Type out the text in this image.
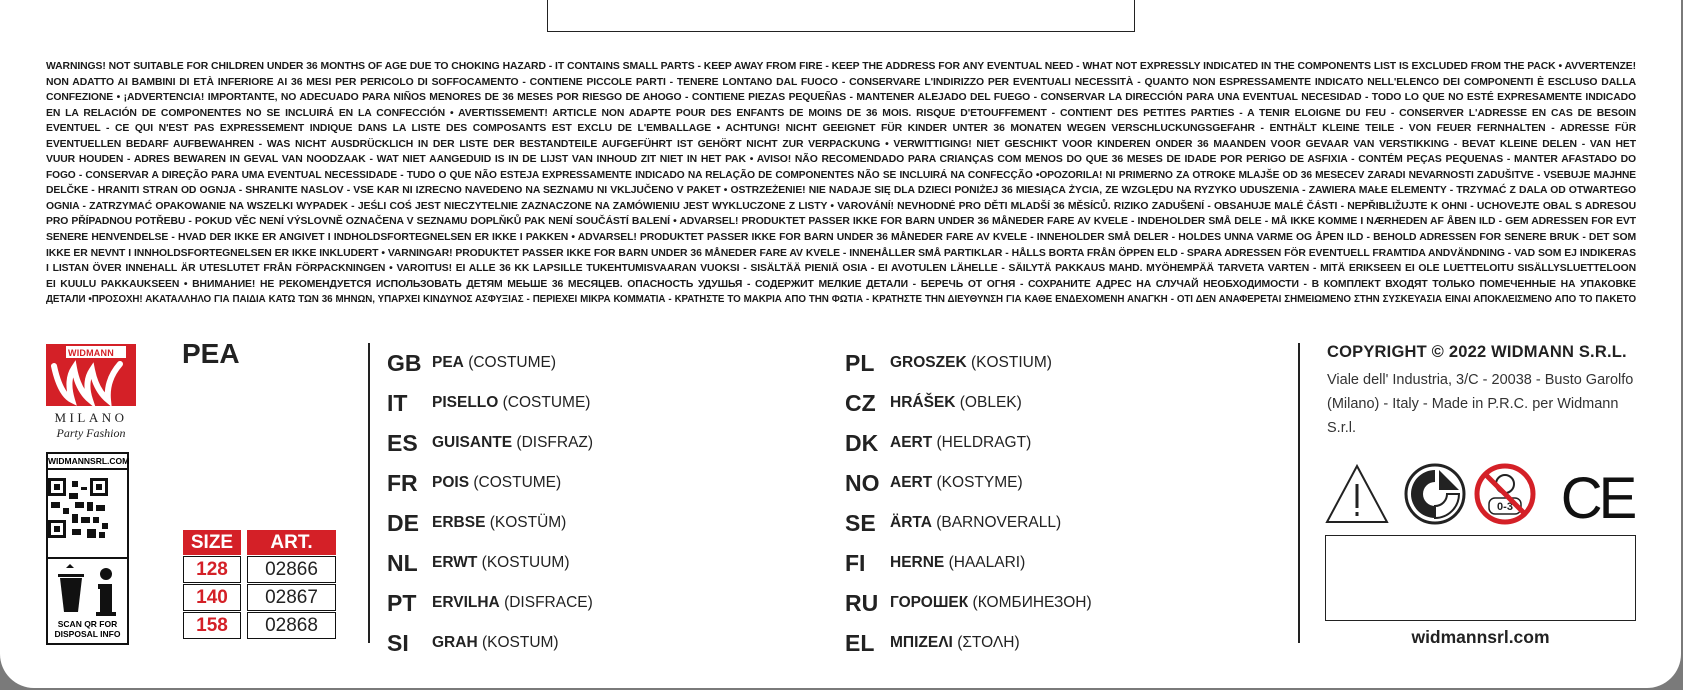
WARNINGS! NOT SUITABLE FOR CHILDREN UNDER 36 MONTHS OF AGE DUE TO CHOKING HAZARD - IT CONTAINS SMALL PARTS - KEEP AWAY FROM FIRE - KEEP THE ADDRESS FOR ANY EVENTUAL NEED - WHAT NOT EXPRESSLY INDICATED IN THE COMPONENTS LIST IS EXCLUDED FROM THE PACK • AVVERTENZE!
NON ADATTO AI BAMBINI DI ETÀ INFERIORE AI 36 MESI PER PERICOLO DI SOFFOCAMENTO - CONTIENE PICCOLE PARTI - TENERE LONTANO DAL FUOCO - CONSERVARE L'INDIRIZZO PER EVENTUALI NECESSITÀ - QUANTO NON ESPRESSAMENTE INDICATO NELL'ELENCO DEI COMPONENTI È ESCLUSO DALLA
CONFEZIONE • ¡ADVERTENCIA! IMPORTANTE, NO ADECUADO PARA NIÑOS MENORES DE 36 MESES POR RIESGO DE AHOGO - CONTIENE PIEZAS PEQUEÑAS - MANTENER ALEJADO DEL FUEGO - CONSERVAR LA DIRECCIÓN PARA UNA EVENTUAL NECESIDAD - TODO LO QUE NO ESTÉ EXPRESAMENTE INDICADO
EN LA RELACIÓN DE COMPONENTES NO SE INCLUIRÁ EN LA CONFECCIÓN • AVERTISSEMENT! ARTICLE NON ADAPTE POUR DES ENFANTS DE MOINS DE 36 MOIS. RISQUE D'ETOUFFEMENT - CONTIENT DES PETITES PARTIES - A TENIR ELOIGNE DU FEU - CONSERVER L'ADRESSE EN CAS DE BESOIN
EVENTUEL - CE QUI N'EST PAS EXPRESSEMENT INDIQUE DANS LA LISTE DES COMPOSANTS EST EXCLU DE L'EMBALLAGE • ACHTUNG! NICHT GEEIGNET FÜR KINDER UNTER 36 MONATEN WEGEN VERSCHLUCKUNGSGEFAHR - ENTHÄLT KLEINE TEILE - VON FEUER FERNHALTEN - ADRESSE FÜR
EVENTUELLEN BEDARF AUFBEWAHREN - WAS NICHT AUSDRÜCKLICH IN DER LISTE DER BESTANDTEILE AUFGEFÜHRT IST GEHÖRT NICHT ZUR VERPACKUNG • VERWITTIGING! NIET GESCHIKT VOOR KINDEREN ONDER 36 MAANDEN VOOR GEVAAR VAN VERSTIKKING - BEVAT KLEINE DELEN - VAN HET
VUUR HOUDEN - ADRES BEWAREN IN GEVAL VAN NOODZAAK - WAT NIET AANGEDUID IS IN DE LIJST VAN INHOUD ZIT NIET IN HET PAK • AVISO! NÃO RECOMENDADO PARA CRIANÇAS COM MENOS DO QUE 36 MESES DE IDADE POR PERIGO DE ASFIXIA - CONTÉM PEÇAS PEQUENAS - MANTER AFASTADO DO
FOGO - CONSERVAR A DIREÇÃO PARA UMA EVENTUAL NECESSIDADE - TUDO O QUE NÃO ESTEJA EXPRESSAMENTE INDICADO NA RELAÇÃO DE COMPONENTES NÃO SE INCLUIRÁ NA CONFECÇÃO •OPOZORILA! NI PRIMERNO ZA OTROKE MLAJŠE OD 36 MESECEV ZARADI NEVARNOSTI ZADUŠITVE - VSEBUJE MAJHNE
DELČKE - HRANITI STRAN OD OGNJA - SHRANITE NASLOV - VSE KAR NI IZRECNO NAVEDENO NA SEZNAMU NI VKLJUČENO V PAKET • OSTRZEŻENIE! NIE NADAJE SIĘ DLA DZIECI PONIŻEJ 36 MIESIĄCA ŻYCIA, ZE WZGLĘDU NA RYZYKO UDUSZENIA - ZAWIERA MAŁE ELEMENTY - TRZYMAĆ Z DALA OD OTWARTEGO
OGNIA - ZATRZYMAĆ OPAKOWANIE NA WSZELKI WYPADEK - JEŚLI COŚ JEST NIECZYTELNIE ZAZNACZONE NA ZAMÓWIENIU JEST WYKLUCZONE Z LISTY • VAROVÁNÍ! NEVHODNÉ PRO DĚTI MLADŠÍ 36 MĚSÍCŮ. RIZIKO ZADUŠENÍ - OBSAHUJE MALÉ ČÁSTI - NEPŘIBLIŽUJTE K OHNI - UCHOVEJTE OBAL S ADRESOU
PRO PŘÍPADNOU POTŘEBU - POKUD VĚC NENÍ VÝSLOVNĚ OZNAČENA V SEZNAMU DOPLŇKŮ PAK NENÍ SOUČÁSTÍ BALENÍ • ADVARSEL! PRODUKTET PASSER IKKE FOR BARN UNDER 36 MÅNEDER FARE AV KVELE - INDEHOLDER SMÅ DELE - MÅ IKKE KOMME I NÆRHEDEN AF ÅBEN ILD - GEM ADRESSEN FOR EVT
SENERE HENVENDELSE - HVAD DER IKKE ER ANGIVET I INDHOLDSFORTEGNELSEN ER IKKE I PAKKEN • ADVARSEL! PRODUKTET PASSER IKKE FOR BARN UNDER 36 MÅNEDER FARE AV KVELE - INNEHOLDER SMÅ DELER - HOLDES UNNA VARME OG ÅPEN ILD - BEHOLD ADRESSEN FOR SENERE BRUK - DET SOM
IKKE ER NEVNT I INNHOLDSFORTEGNELSEN ER IKKE INKLUDERT • VARNINGAR! PRODUKTET PASSER IKKE FOR BARN UNDER 36 MÅNEDER FARE AV KVELE - INNEHÅLLER SMÅ PARTIKLAR - HÅLLS BORTA FRÅN ÖPPEN ELD - SPARA ADRESSEN FÖR EVENTUELL FRAMTIDA ANDVÄNDNING - VAD SOM EJ INDIKERAS
I LISTAN ÖVER INNEHALL ÄR UTESLUTET FRÅN FÖRPACKNINGEN • VAROITUS! EI ALLE 36 KK LAPSILLE TUKEHTUMISVAARAN VUOKSI - SISÄLTÄÄ PIENIÄ OSIA - EI AVOTULEN LÄHELLE - SÄILYTÄ PAKKAUS MAHD. MYÖHEMPÄÄ TARVETA VARTEN - MITÄ ERIKSEEN EI OLE LUETTELOITU SISÄLLYSLUETTELOON
EI KUULU PAKKAUKSEEN • ВНИМАНИЕ! НЕ РЕКОМЕНДУЕТСЯ ИСПОЛЬЗОВАТЬ ДЕТЯМ МЕЬШЕ 36 МЕСЯЦЕВ. ОПАСНОСТЬ УДУШЬЯ - СОДЕРЖИТ МЕЛКИЕ ДЕТАЛИ - БЕРЕЧЬ ОТ ОГНЯ - СОХРАНИТЕ АДРЕС НА СЛУЧАЙ НЕОБХОДИМОСТИ - В КОМПЛЕКТ ВХОДЯТ ТОЛЬКО ПОМЕЧЕННЫЕ НА УПАКОВКЕ
ДЕТАЛИ •ΠΡΟΣΟΧΗ! ΑΚΑΤΑΛΛΗΛΟ ΓΙΑ ΠΑΙΔΙΑ ΚΑΤΩ ΤΩΝ 36 ΜΗΝΩΝ, ΥΠΑΡΧΕΙ ΚΙΝΔΥΝΟΣ ΑΣΦΥΞΙΑΣ - ΠΕΡΙΕΧΕΙ ΜΙΚΡΑ ΚΟΜΜΑΤΙΑ - ΚΡΑΤΗΣΤΕ ΤΟ ΜΑΚΡΙΑ ΑΠΟ ΤΗΝ ΦΩΤΙΑ - ΚΡΑΤΗΣΤΕ ΤΗΝ ΔΙΕΥΘΥΝΣΗ ΓΙΑ ΚΑΘΕ ΕΝΔΕΧΟΜΕΝΗ ΑΝΑΓΚΗ - ΟΤΙ ΔΕΝ ΑΝΑΦΕΡΕΤΑΙ ΣΗΜΕΙΩΜΕΝΟ ΣΤΗΝ ΣΥΣΚΕΥΑΣΙΑ ΕΙΝΑΙ ΑΠΟΚΛΕΙΣΜΕΝΟ ΑΠΟ ΤΟ ΠΑΚΕΤΟ
WIDMANN
MILANO
Party Fashion
WIDMANNSRL.COM
SCAN QR FOR
DISPOSAL INFO
PEA
SIZE	ART.
128	02866
140	02867
158	02868
GB PEA (COSTUME)
IT	PISELLO (COSTUME)
ES GUISANTE (DISFRAZ)
FR POIS (COSTUME)
DE ERBSE (KOSTÜM)
NL ERWT (KOSTUUM)
PT	ERVILHA (DISFRACE)
SI	GRAH (KOSTUM)
PL	GROSZEK (KOSTIUM)
CZ HRÁŠEK (OBLEK)
DK AERT (HELDRAGT)
NO AERT (KOSTYME)
SE ÄRTA (BARNOVERALL)
FI	HERNE (HAALARI)
RU ГОРОШЕК (КОМБИНЕЗОН)
EL	ΜΠΙΖΕΛΙ (ΣΤΟΛΗ)
COPYRIGHT © 2022 WIDMANN S.R.L.
Viale dell' Industria, 3/C - 20038 - Busto Garolfo
(Milano) - Italy - Made in P.R.C. per Widmann S.r.l.
0-3 CE
widmannsrl.com
